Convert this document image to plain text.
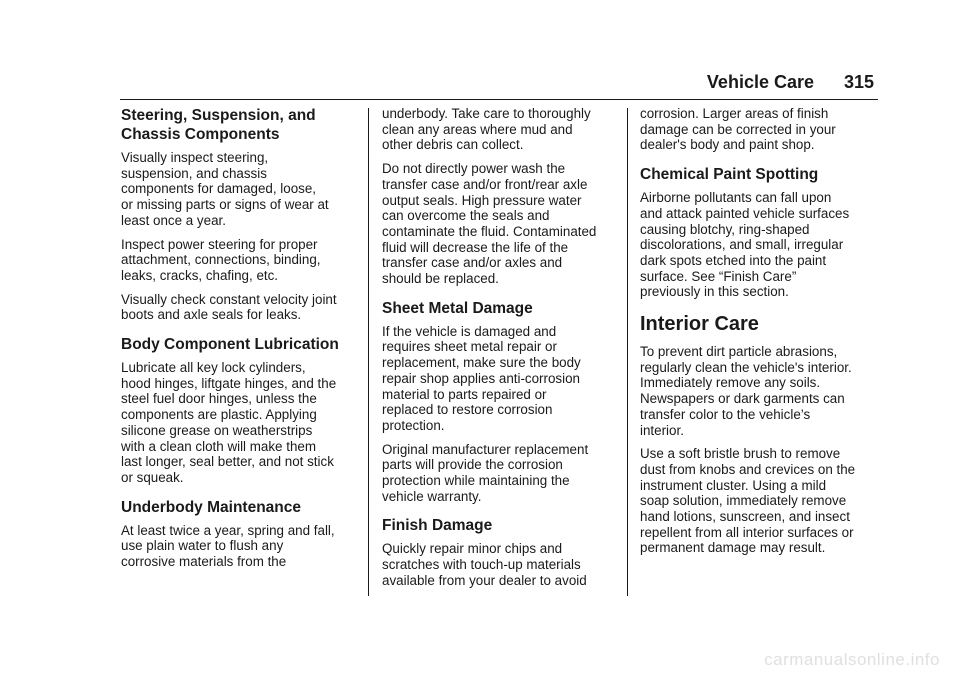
Vehicle Care 315
Steering, Suspension, and
Chassis Components

Visually inspect steering,
suspension, and chassis
components for damaged, loose,
or missing parts or signs of wear at
least once a year.

Inspect power steering for proper
attachment, connections, binding,
leaks, cracks, chafing, etc.

Visually check constant velocity joint
boots and axle seals for leaks.

Body Component Lubrication

Lubricate all key lock cylinders,
hood hinges, liftgate hinges, and the
steel fuel door hinges, unless the
components are plastic. Applying
silicone grease on weatherstrips
with a clean cloth will make them
last longer, seal better, and not stick
or squeak.

Underbody Maintenance

At least twice a year, spring and fall,
use plain water to flush any
corrosive materials from the

underbody. Take care to thoroughly
clean any areas where mud and
other debris can collect.

Do not directly power wash the
transfer case and/or front/rear axle
output seals. High pressure water
can overcome the seals and
contaminate the fluid. Contaminated
fluid will decrease the life of the
transfer case and/or axles and
should be replaced.

Sheet Metal Damage

If the vehicle is damaged and
requires sheet metal repair or
replacement, make sure the body
repair shop applies anti-corrosion
material to parts repaired or
replaced to restore corrosion
protection.

Original manufacturer replacement
parts will provide the corrosion
protection while maintaining the
vehicle warranty.

Finish Damage

Quickly repair minor chips and
scratches with touch-up materials
available from your dealer to avoid

corrosion. Larger areas of finish
damage can be corrected in your
dealer's body and paint shop.

Chemical Paint Spotting

Airborne pollutants can fall upon
and attack painted vehicle surfaces
causing blotchy, ring-shaped
discolorations, and small, irregular
dark spots etched into the paint
surface. See “Finish Care”
previously in this section.

Interior Care

To prevent dirt particle abrasions,
regularly clean the vehicle's interior.
Immediately remove any soils.
Newspapers or dark garments can
transfer color to the vehicle’s
interior.

Use a soft bristle brush to remove
dust from knobs and crevices on the
instrument cluster. Using a mild
soap solution, immediately remove
hand lotions, sunscreen, and insect
repellent from all interior surfaces or
permanent damage may result.

carmanualsonline.info
